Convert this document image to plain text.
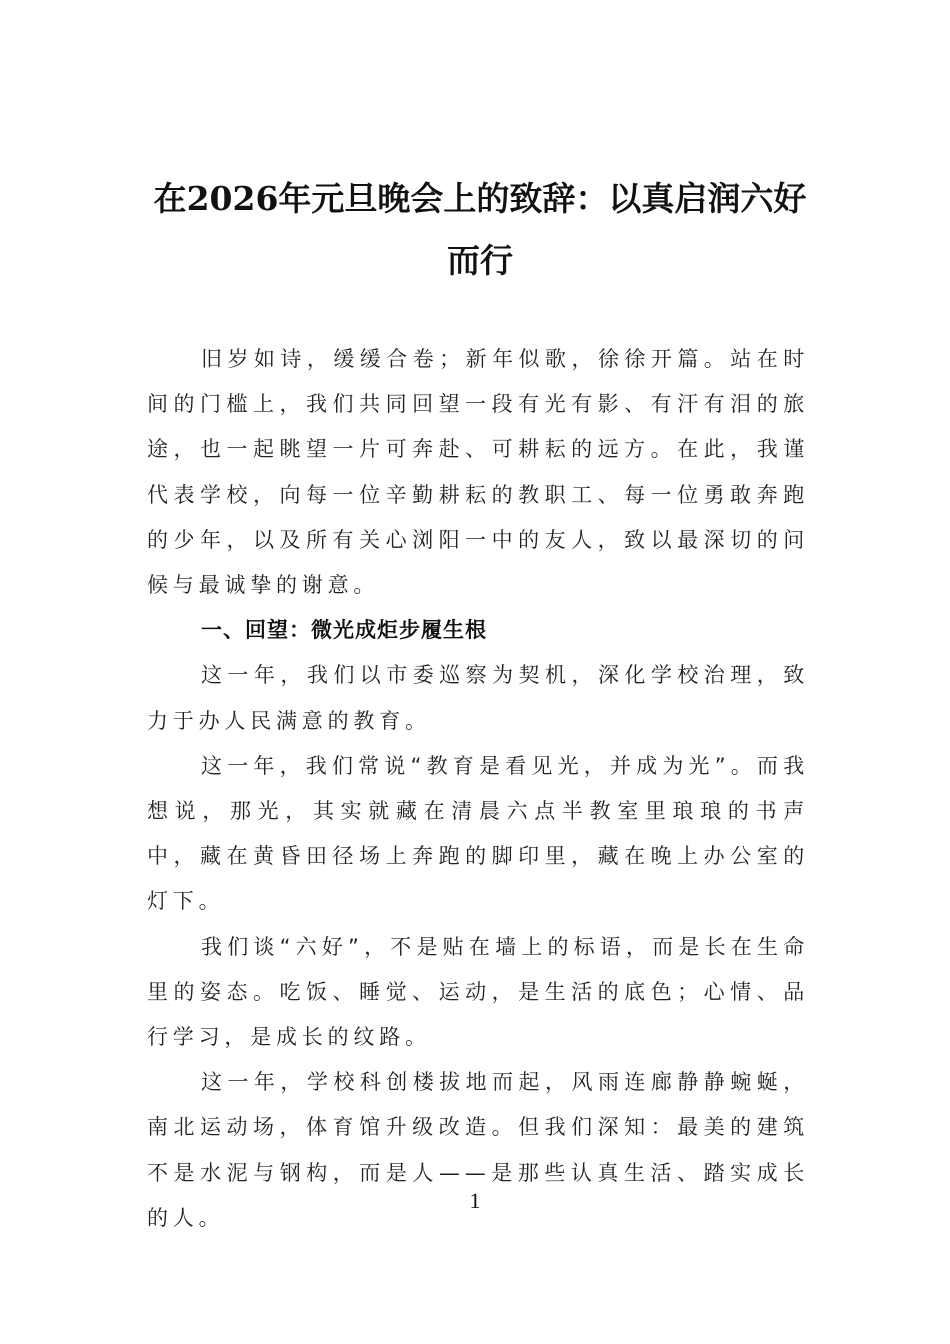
在2026年元旦晚会上的致辞：以真启润六好而行

旧岁如诗，缓缓合卷；新年似歌，徐徐开篇。站在时间的门槛上，我们共同回望一段有光有影、有汗有泪的旅途，也一起眺望一片可奔赴、可耕耘的远方。在此，我谨代表学校，向每一位辛勤耕耘的教职工、每一位勇敢奔跑的少年，以及所有关心浏阳一中的友人，致以最深切的问候与最诚挚的谢意。

一、回望：微光成炬步履生根

这一年，我们以市委巡察为契机，深化学校治理，致力于办人民满意的教育。

这一年，我们常说“教育是看见光，并成为光”。而我想说，那光，其实就藏在清晨六点半教室里琅琅的书声中，藏在黄昏田径场上奔跑的脚印里，藏在晚上办公室的灯下。

我们谈“六好”，不是贴在墙上的标语，而是长在生命里的姿态。吃饭、睡觉、运动，是生活的底色；心情、品行学习，是成长的纹路。

这一年，学校科创楼拔地而起，风雨连廊静静蜿蜒，南北运动场，体育馆升级改造。但我们深知：最美的建筑不是水泥与钢构，而是人——是那些认真生活、踏实成长的人。

1
